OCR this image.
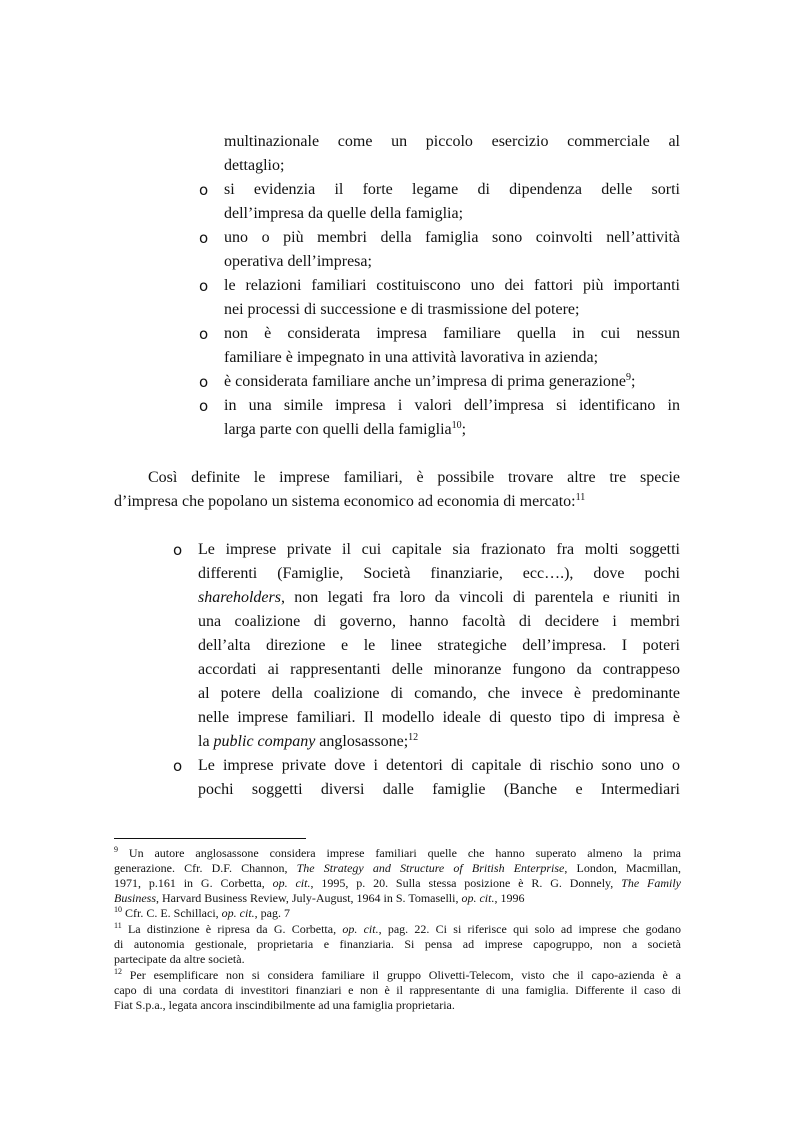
multinazionale come un piccolo esercizio commerciale al
dettaglio;
o si evidenzia il forte legame di dipendenza delle sorti
dell’impresa da quelle della famiglia;
o uno o più membri della famiglia sono coinvolti nell’attività
operativa dell’impresa;
o le relazioni familiari costituiscono uno dei fattori più importanti
nei processi di successione e di trasmissione del potere;
o non è considerata impresa familiare quella in cui nessun
familiare è impegnato in una attività lavorativa in azienda;
o è considerata familiare anche un’impresa di prima generazione$^9$;
o in una simile impresa i valori dell’impresa si identificano in
larga parte con quelli della famiglia$^{10}$;
Così definite le imprese familiari, è possibile trovare altre tre specie
d’impresa che popolano un sistema economico ad economia di mercato:$^{11}$
o Le imprese private il cui capitale sia frazionato fra molti soggetti
differenti (Famiglie, Società finanziarie, ecc….), dove pochi
shareholders, non legati fra loro da vincoli di parentela e riuniti in
una coalizione di governo, hanno facoltà di decidere i membri
dell’alta direzione e le linee strategiche dell’impresa. I poteri
accordati ai rappresentanti delle minoranze fungono da contrappeso
al potere della coalizione di comando, che invece è predominante
nelle imprese familiari. Il modello ideale di questo tipo di impresa è
la public company anglosassone;$^{12}$
o Le imprese private dove i detentori di capitale di rischio sono uno o
pochi soggetti diversi dalle famiglie (Banche e Intermediari
$^9$ Un autore anglosassone considera imprese familiari quelle che hanno superato almeno la prima
generazione. Cfr. D.F. Channon, The Strategy and Structure of British Enterprise, London, Macmillan,
1971, p.161 in G. Corbetta, op. cit., 1995, p. 20. Sulla stessa posizione è R. G. Donnely, The Family
Business, Harvard Business Review, July-August, 1964 in S. Tomaselli, op. cit., 1996
$^{10}$ Cfr. C. E. Schillaci, op. cit., pag. 7
$^{11}$ La distinzione è ripresa da G. Corbetta, op. cit., pag. 22. Ci si riferisce qui solo ad imprese che godano
di autonomia gestionale, proprietaria e finanziaria. Si pensa ad imprese capogruppo, non a società
partecipate da altre società.
$^{12}$ Per esemplificare non si considera familiare il gruppo Olivetti-Telecom, visto che il capo-azienda è a
capo di una cordata di investitori finanziari e non è il rappresentante di una famiglia. Differente il caso di
Fiat S.p.a., legata ancora inscindibilmente ad una famiglia proprietaria.
